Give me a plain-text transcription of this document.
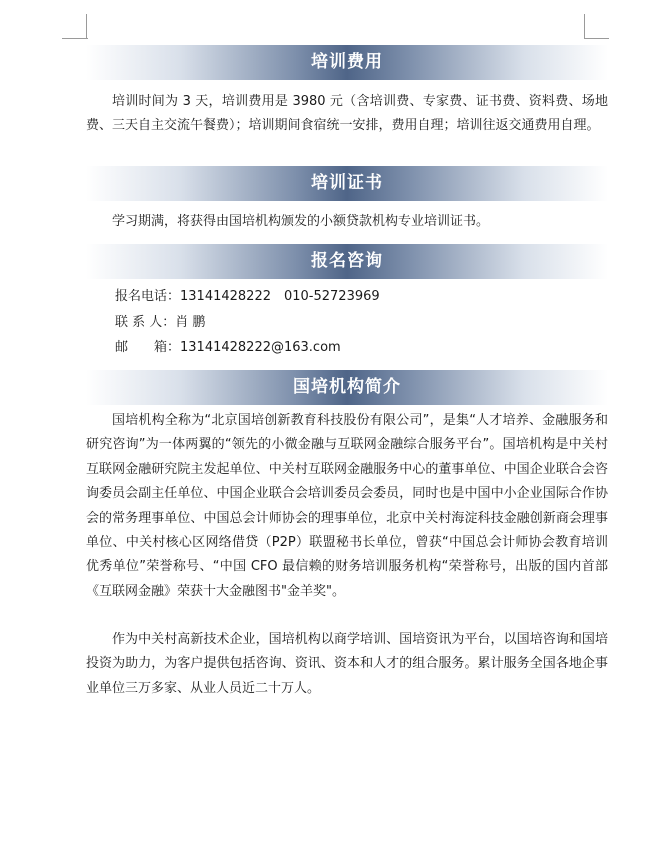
培训费用

培训时间为 3 天，培训费用是 3980 元（含培训费、专家费、证书费、资料费、场地费、三天自主交流午餐费）；培训期间食宿统一安排，费用自理；培训往返交通费用自理。

培训证书

学习期满，将获得由国培机构颁发的小额贷款机构专业培训证书。

报名咨询

报名电话：13141428222　010-52723969

联 系 人：肖 鹏

邮　　箱：13141428222@163.com

国培机构简介

国培机构全称为“北京国培创新教育科技股份有限公司”，是集“人才培养、金融服务和研究咨询”为一体两翼的“领先的小微金融与互联网金融综合服务平台”。国培机构是中关村互联网金融研究院主发起单位、中关村互联网金融服务中心的董事单位、中国企业联合会咨询委员会副主任单位、中国企业联合会培训委员会委员，同时也是中国中小企业国际合作协会的常务理事单位、中国总会计师协会的理事单位，北京中关村海淀科技金融创新商会理事单位、中关村核心区网络借贷（P2P）联盟秘书长单位，曾获“中国总会计师协会教育培训优秀单位”荣誉称号、“中国 CFO 最信赖的财务培训服务机构“荣誉称号，出版的国内首部《互联网金融》荣获十大金融图书"金羊奖"。

作为中关村高新技术企业，国培机构以商学培训、国培资讯为平台，以国培咨询和国培投资为助力，为客户提供包括咨询、资讯、资本和人才的组合服务。累计服务全国各地企事业单位三万多家、从业人员近二十万人。
